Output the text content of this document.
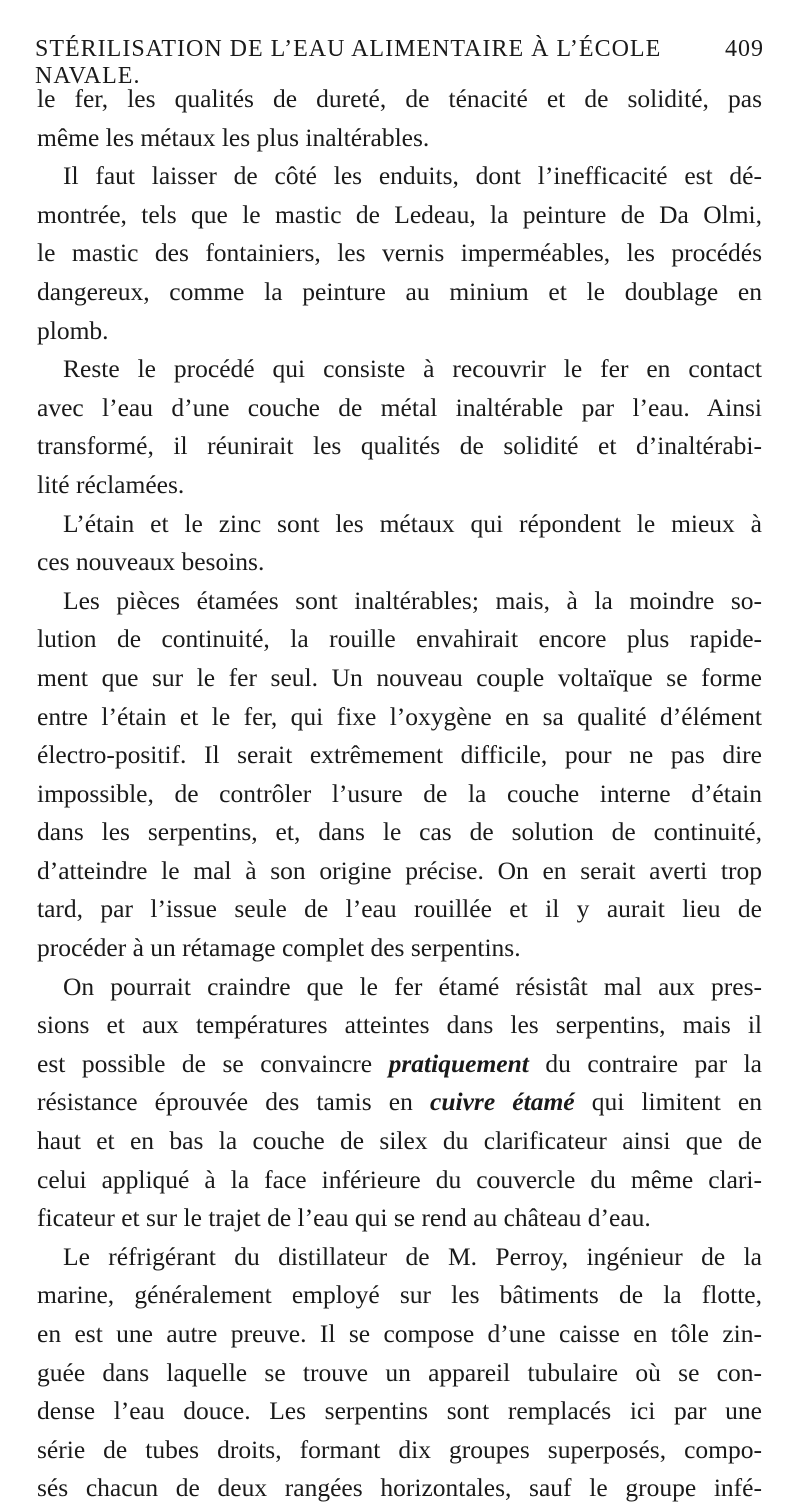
STÉRILISATION DE L’EAU ALIMENTAIRE À L’ÉCOLE NAVALE.
409
le fer, les qualités de dureté, de ténacité et de solidité, pas
même les métaux les plus inaltérables.
Il faut laisser de côté les enduits, dont l’inefficacité est dé-
montrée, tels que le mastic de Ledeau, la peinture de Da Olmi,
le mastic des fontainiers, les vernis imperméables, les procédés
dangereux, comme la peinture au minium et le doublage en
plomb.
Reste le procédé qui consiste à recouvrir le fer en contact
avec l’eau d’une couche de métal inaltérable par l’eau. Ainsi
transformé, il réunirait les qualités de solidité et d’inaltérabi-
lité réclamées.
L’étain et le zinc sont les métaux qui répondent le mieux à
ces nouveaux besoins.
Les pièces étamées sont inaltérables; mais, à la moindre so-
lution de continuité, la rouille envahirait encore plus rapide-
ment que sur le fer seul. Un nouveau couple voltaïque se forme
entre l’étain et le fer, qui fixe l’oxygène en sa qualité d’élément
électro-positif. Il serait extrêmement difficile, pour ne pas dire
impossible, de contrôler l’usure de la couche interne d’étain
dans les serpentins, et, dans le cas de solution de continuité,
d’atteindre le mal à son origine précise. On en serait averti trop
tard, par l’issue seule de l’eau rouillée et il y aurait lieu de
procéder à un rétamage complet des serpentins.
On pourrait craindre que le fer étamé résistât mal aux pres-
sions et aux températures atteintes dans les serpentins, mais il
est possible de se convaincre pratiquement du contraire par la
résistance éprouvée des tamis en cuivre étamé qui limitent en
haut et en bas la couche de silex du clarificateur ainsi que de
celui appliqué à la face inférieure du couvercle du même clari-
ficateur et sur le trajet de l’eau qui se rend au château d’eau.
Le réfrigérant du distillateur de M. Perroy, ingénieur de la
marine, généralement employé sur les bâtiments de la flotte,
en est une autre preuve. Il se compose d’une caisse en tôle zin-
guée dans laquelle se trouve un appareil tubulaire où se con-
dense l’eau douce. Les serpentins sont remplacés ici par une
série de tubes droits, formant dix groupes superposés, compo-
sés chacun de deux rangées horizontales, sauf le groupe infé-
